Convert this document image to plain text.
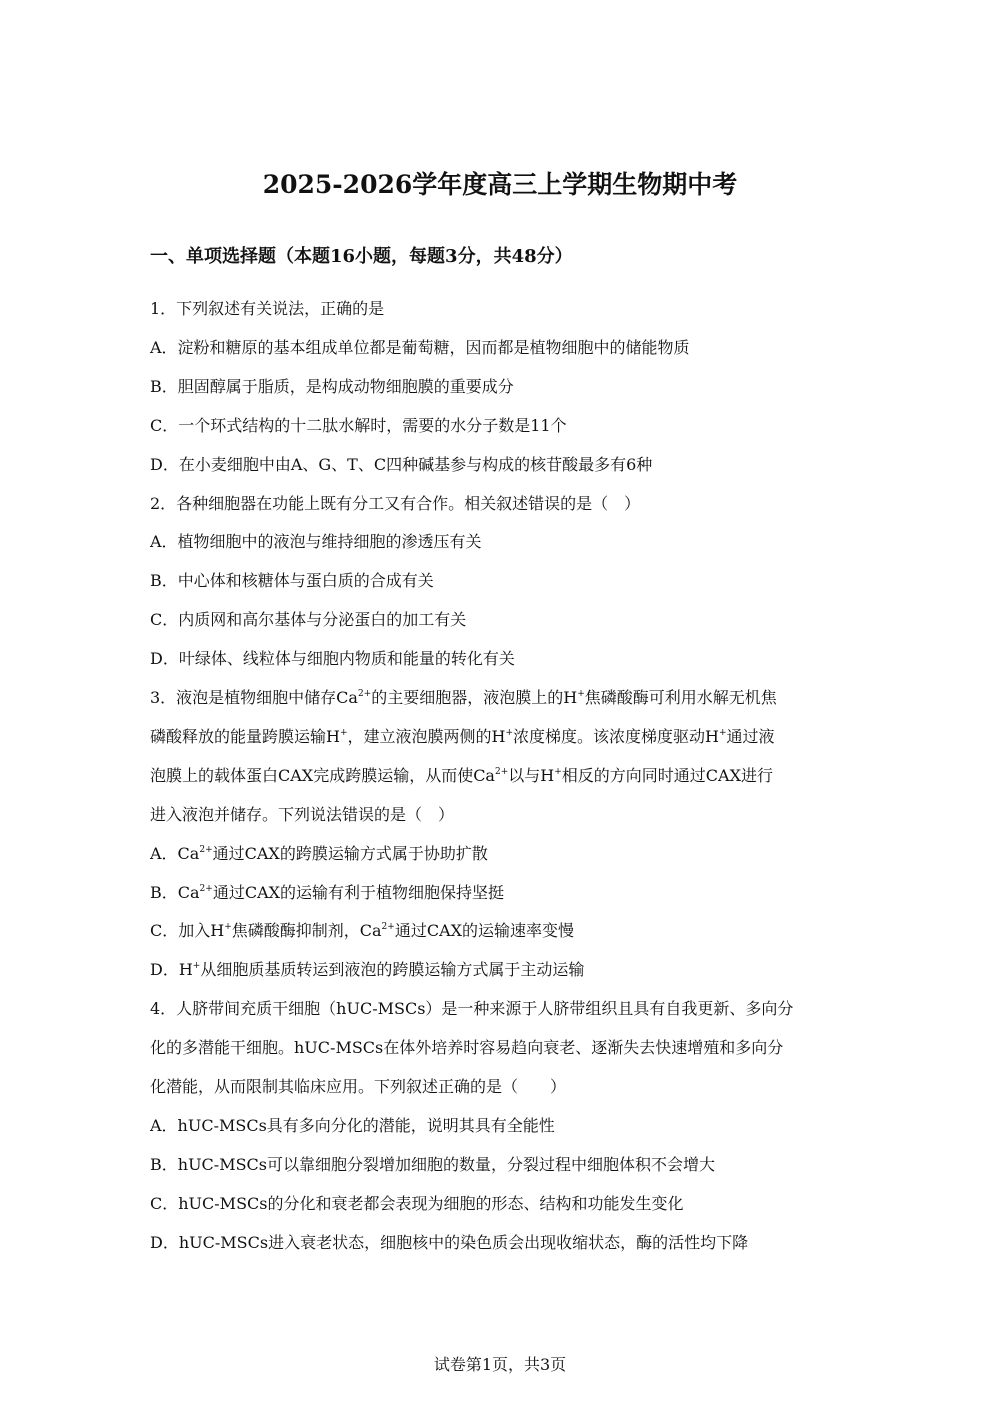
2025-2026学年度高三上学期生物期中考
一、单项选择题（本题16小题，每题3分，共48分）
1．下列叙述有关说法，正确的是
A．淀粉和糖原的基本组成单位都是葡萄糖，因而都是植物细胞中的储能物质
B．胆固醇属于脂质，是构成动物细胞膜的重要成分
C．一个环式结构的十二肽水解时，需要的水分子数是11个
D．在小麦细胞中由A、G、T、C四种碱基参与构成的核苷酸最多有6种
2．各种细胞器在功能上既有分工又有合作。相关叙述错误的是（　）
A．植物细胞中的液泡与维持细胞的渗透压有关
B．中心体和核糖体与蛋白质的合成有关
C．内质网和高尔基体与分泌蛋白的加工有关
D．叶绿体、线粒体与细胞内物质和能量的转化有关
3．液泡是植物细胞中储存$Ca^{2+}$的主要细胞器，液泡膜上的H+焦磷酸酶可利用水解无机焦
磷酸释放的能量跨膜运输H+，建立液泡膜两侧的H+浓度梯度。该浓度梯度驱动H+通过液
泡膜上的载体蛋白CAX完成跨膜运输，从而使$Ca^{2+}$以与H+相反的方向同时通过CAX进行
进入液泡并储存。下列说法错误的是（　）
A．$Ca^{2+}$通过CAX的跨膜运输方式属于协助扩散
B．$Ca^{2+}$通过CAX的运输有利于植物细胞保持坚挺
C．加入H+焦磷酸酶抑制剂，$Ca^{2+}$通过CAX的运输速率变慢
D．H+从细胞质基质转运到液泡的跨膜运输方式属于主动运输
4．人脐带间充质干细胞（hUC-MSCs）是一种来源于人脐带组织且具有自我更新、多向分
化的多潜能干细胞。hUC-MSCs在体外培养时容易趋向衰老、逐渐失去快速增殖和多向分
化潜能，从而限制其临床应用。下列叙述正确的是（　　）
A．hUC-MSCs具有多向分化的潜能，说明其具有全能性
B．hUC-MSCs可以靠细胞分裂增加细胞的数量，分裂过程中细胞体积不会增大
C．hUC-MSCs的分化和衰老都会表现为细胞的形态、结构和功能发生变化
D．hUC-MSCs进入衰老状态，细胞核中的染色质会出现收缩状态，酶的活性均下降
试卷第1页，共3页
